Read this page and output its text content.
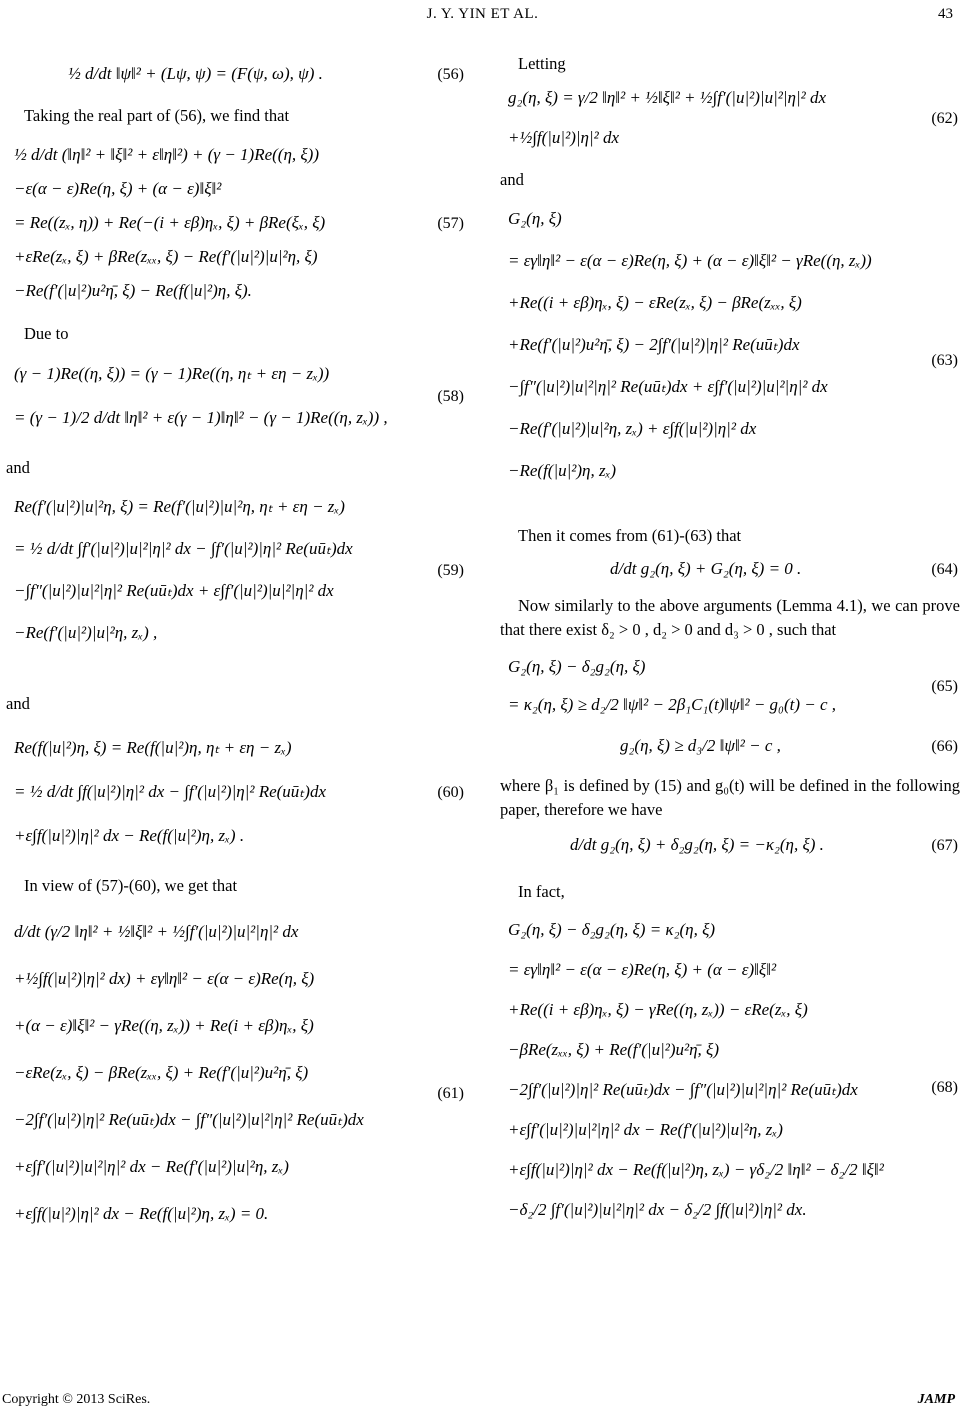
J. Y. YIN ET AL.	43
½ d/dt ‖ψ‖² + (Lψ, ψ) = (F(ψ, ω), ψ) .	(56)

Taking the real part of (56), we find that

½ d/dt (‖η‖² + ‖ξ‖² + ε‖η‖²) + (γ − 1)Re((η, ξ))
−ε(α − ε)Re(η, ξ) + (α − ε)‖ξ‖²
= Re((zₓ, η)) + Re(−(i + εβ)ηₓ, ξ) + βRe(ξₓ, ξ)
+εRe(zₓ, ξ) + βRe(zₓₓ, ξ) − Re(f′(|u|²)|u|²η, ξ)
−Re(f′(|u|²)u²η̄, ξ) − Re(f(|u|²)η, ξ).
(57)

Due to

(γ − 1)Re((η, ξ)) = (γ − 1)Re((η, ηₜ + εη − zₓ))
= (γ − 1)/2 d/dt ‖η‖² + ε(γ − 1)‖η‖² − (γ − 1)Re((η, zₓ)) ,
(58)

and

Re(f′(|u|²)|u|²η, ξ) = Re(f′(|u|²)|u|²η, ηₜ + εη − zₓ)
= ½ d/dt ∫f′(|u|²)|u|²|η|² dx − ∫f′(|u|²)|η|² Re(uūₜ)dx
−∫f″(|u|²)|u|²|η|² Re(uūₜ)dx + ε∫f′(|u|²)|u|²|η|² dx
−Re(f′(|u|²)|u|²η, zₓ) ,
(59)

and

Re(f(|u|²)η, ξ) = Re(f(|u|²)η, ηₜ + εη − zₓ)
= ½ d/dt ∫f(|u|²)|η|² dx − ∫f′(|u|²)|η|² Re(uūₜ)dx
+ε∫f(|u|²)|η|² dx − Re(f(|u|²)η, zₓ) .
(60)

In view of (57)-(60), we get that

d/dt (γ/2 ‖η‖² + ½‖ξ‖² + ½∫f′(|u|²)|u|²|η|² dx
+½∫f(|u|²)|η|² dx) + εγ‖η‖² − ε(α − ε)Re(η, ξ)
+(α − ε)‖ξ‖² − γRe((η, zₓ)) + Re(i + εβ)ηₓ, ξ)
−εRe(zₓ, ξ) − βRe(zₓₓ, ξ) + Re(f′(|u|²)u²η̄, ξ)
−2∫f′(|u|²)|η|² Re(uūₜ)dx − ∫f″(|u|²)|u|²|η|² Re(uūₜ)dx
+ε∫f′(|u|²)|u|²|η|² dx − Re(f′(|u|²)|u|²η, zₓ)
+ε∫f(|u|²)|η|² dx − Re(f(|u|²)η, zₓ) = 0.
(61)

Letting

g₂(η, ξ) = γ/2 ‖η‖² + ½‖ξ‖² + ½∫f′(|u|²)|u|²|η|² dx
+½∫f(|u|²)|η|² dx
(62)

and

G₂(η, ξ)
= εγ‖η‖² − ε(α − ε)Re(η, ξ) + (α − ε)‖ξ‖² − γRe((η, zₓ))
+Re((i + εβ)ηₓ, ξ) − εRe(zₓ, ξ) − βRe(zₓₓ, ξ)
+Re(f′(|u|²)u²η̄, ξ) − 2∫f′(|u|²)|η|² Re(uūₜ)dx
−∫f″(|u|²)|u|²|η|² Re(uūₜ)dx + ε∫f′(|u|²)|u|²|η|² dx
−Re(f′(|u|²)|u|²η, zₓ) + ε∫f(|u|²)|η|² dx
−Re(f(|u|²)η, zₓ)
(63)

Then it comes from (61)-(63) that

d/dt g₂(η, ξ) + G₂(η, ξ) = 0 .	(64)

Now similarly to the above arguments (Lemma 4.1), we can prove that there exist δ₂ > 0 , d₂ > 0 and d₃ > 0 , such that

G₂(η, ξ) − δ₂g₂(η, ξ)
= κ₂(η, ξ) ≥ d₂/2 ‖ψ‖² − 2β₁C₁(t)‖ψ‖² − g₀(t) − c ,
(65)
g₂(η, ξ) ≥ d₃/2 ‖ψ‖² − c ,	(66)

where β₁ is defined by (15) and g₀(t) will be defined in the following paper, therefore we have

d/dt g₂(η, ξ) + δ₂g₂(η, ξ) = −κ₂(η, ξ) .	(67)

In fact,

G₂(η, ξ) − δ₂g₂(η, ξ) = κ₂(η, ξ)
= εγ‖η‖² − ε(α − ε)Re(η, ξ) + (α − ε)‖ξ‖²
+Re((i + εβ)ηₓ, ξ) − γRe((η, zₓ)) − εRe(zₓ, ξ)
−βRe(zₓₓ, ξ) + Re(f′(|u|²)u²η̄, ξ)
−2∫f′(|u|²)|η|² Re(uūₜ)dx − ∫f″(|u|²)|u|²|η|² Re(uūₜ)dx
+ε∫f′(|u|²)|u|²|η|² dx − Re(f′(|u|²)|u|²η, zₓ)
+ε∫f(|u|²)|η|² dx − Re(f(|u|²)η, zₓ) − γδ₂/2 ‖η‖² − δ₂/2 ‖ξ‖²
−δ₂/2 ∫f′(|u|²)|u|²|η|² dx − δ₂/2 ∫f(|u|²)|η|² dx.
(68)
Copyright © 2013 SciRes.	JAMP
